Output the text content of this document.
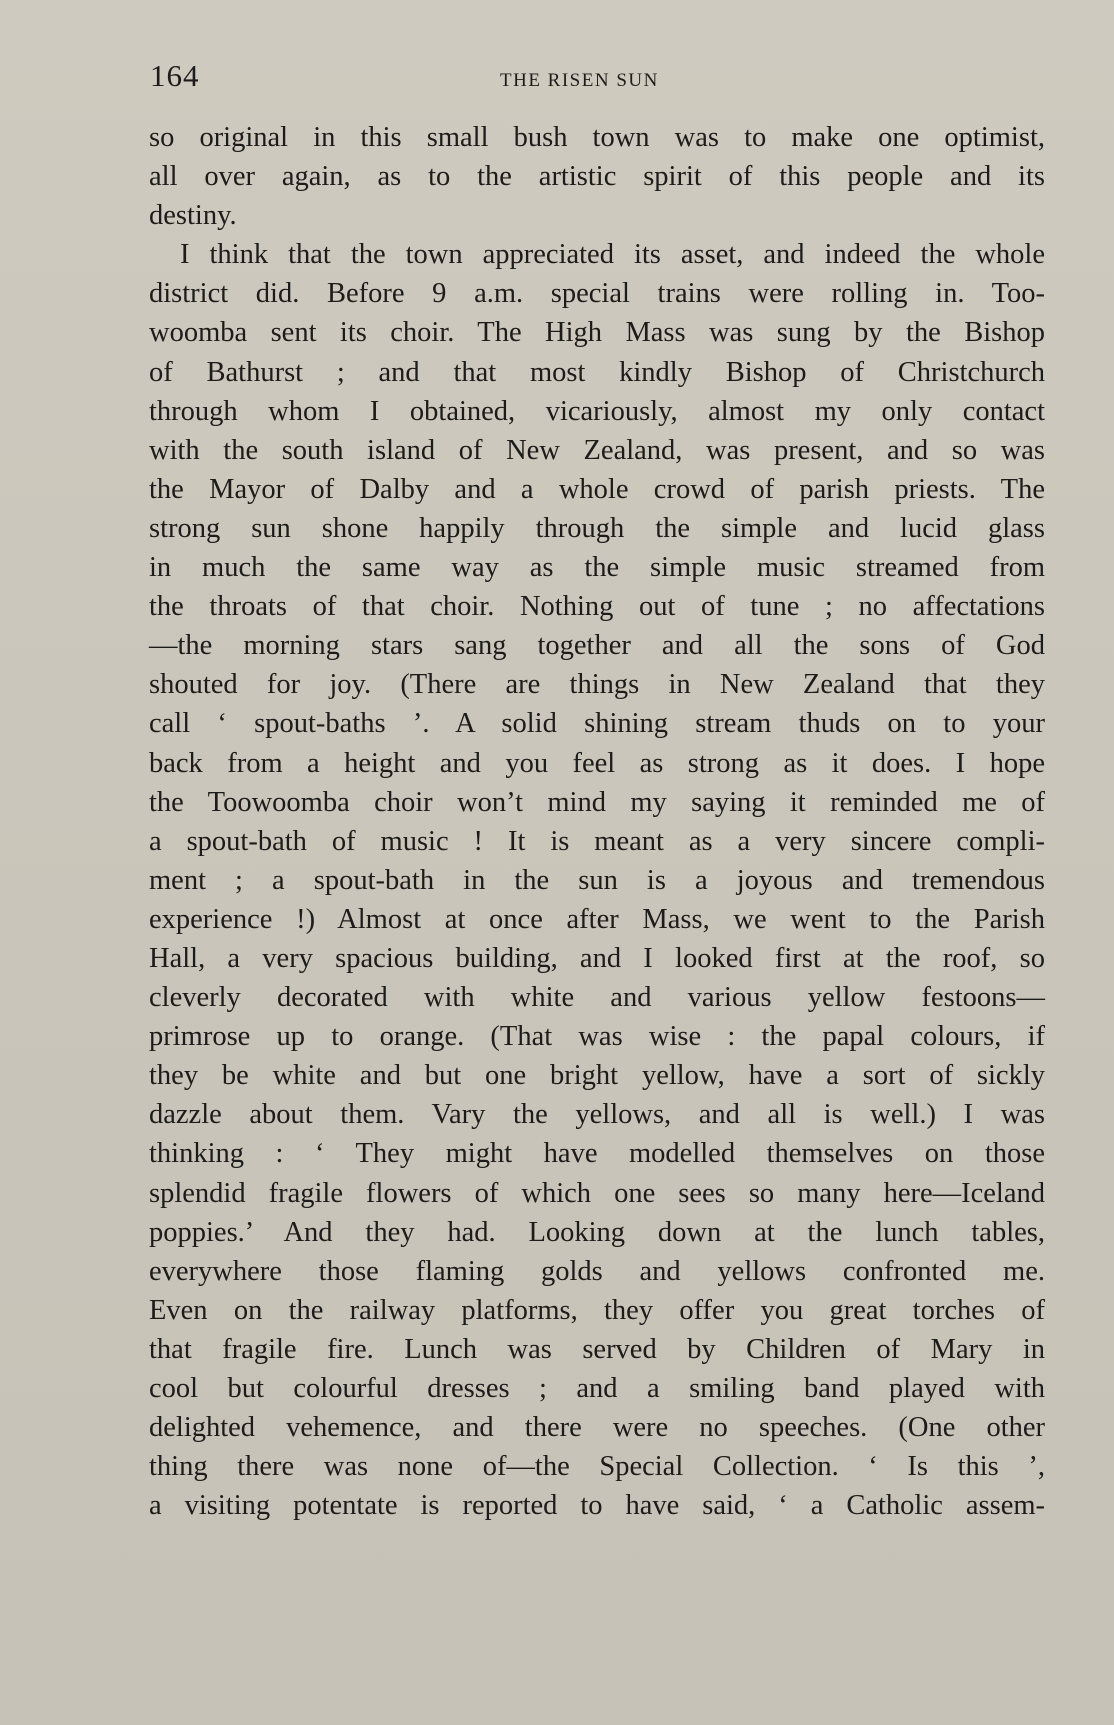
164	THE RISEN SUN
so original in this small bush town was to make one optimist,
all over again, as to the artistic spirit of this people and its
destiny.
I think that the town appreciated its asset, and indeed the whole
district did. Before 9 a.m. special trains were rolling in. Too-
woomba sent its choir. The High Mass was sung by the Bishop
of Bathurst ; and that most kindly Bishop of Christchurch
through whom I obtained, vicariously, almost my only contact
with the south island of New Zealand, was present, and so was
the Mayor of Dalby and a whole crowd of parish priests. The
strong sun shone happily through the simple and lucid glass
in much the same way as the simple music streamed from
the throats of that choir. Nothing out of tune ; no affectations
—the morning stars sang together and all the sons of God
shouted for joy. (There are things in New Zealand that they
call ‘ spout-baths ’. A solid shining stream thuds on to your
back from a height and you feel as strong as it does. I hope
the Toowoomba choir won’t mind my saying it reminded me of
a spout-bath of music ! It is meant as a very sincere compli-
ment ; a spout-bath in the sun is a joyous and tremendous
experience !) Almost at once after Mass, we went to the Parish
Hall, a very spacious building, and I looked first at the roof, so
cleverly decorated with white and various yellow festoons—
primrose up to orange. (That was wise : the papal colours, if
they be white and but one bright yellow, have a sort of sickly
dazzle about them. Vary the yellows, and all is well.) I was
thinking : ‘ They might have modelled themselves on those
splendid fragile flowers of which one sees so many here—Iceland
poppies.’ And they had. Looking down at the lunch tables,
everywhere those flaming golds and yellows confronted me.
Even on the railway platforms, they offer you great torches of
that fragile fire. Lunch was served by Children of Mary in
cool but colourful dresses ; and a smiling band played with
delighted vehemence, and there were no speeches. (One other
thing there was none of—the Special Collection. ‘ Is this ’,
a visiting potentate is reported to have said, ‘ a Catholic assem-
